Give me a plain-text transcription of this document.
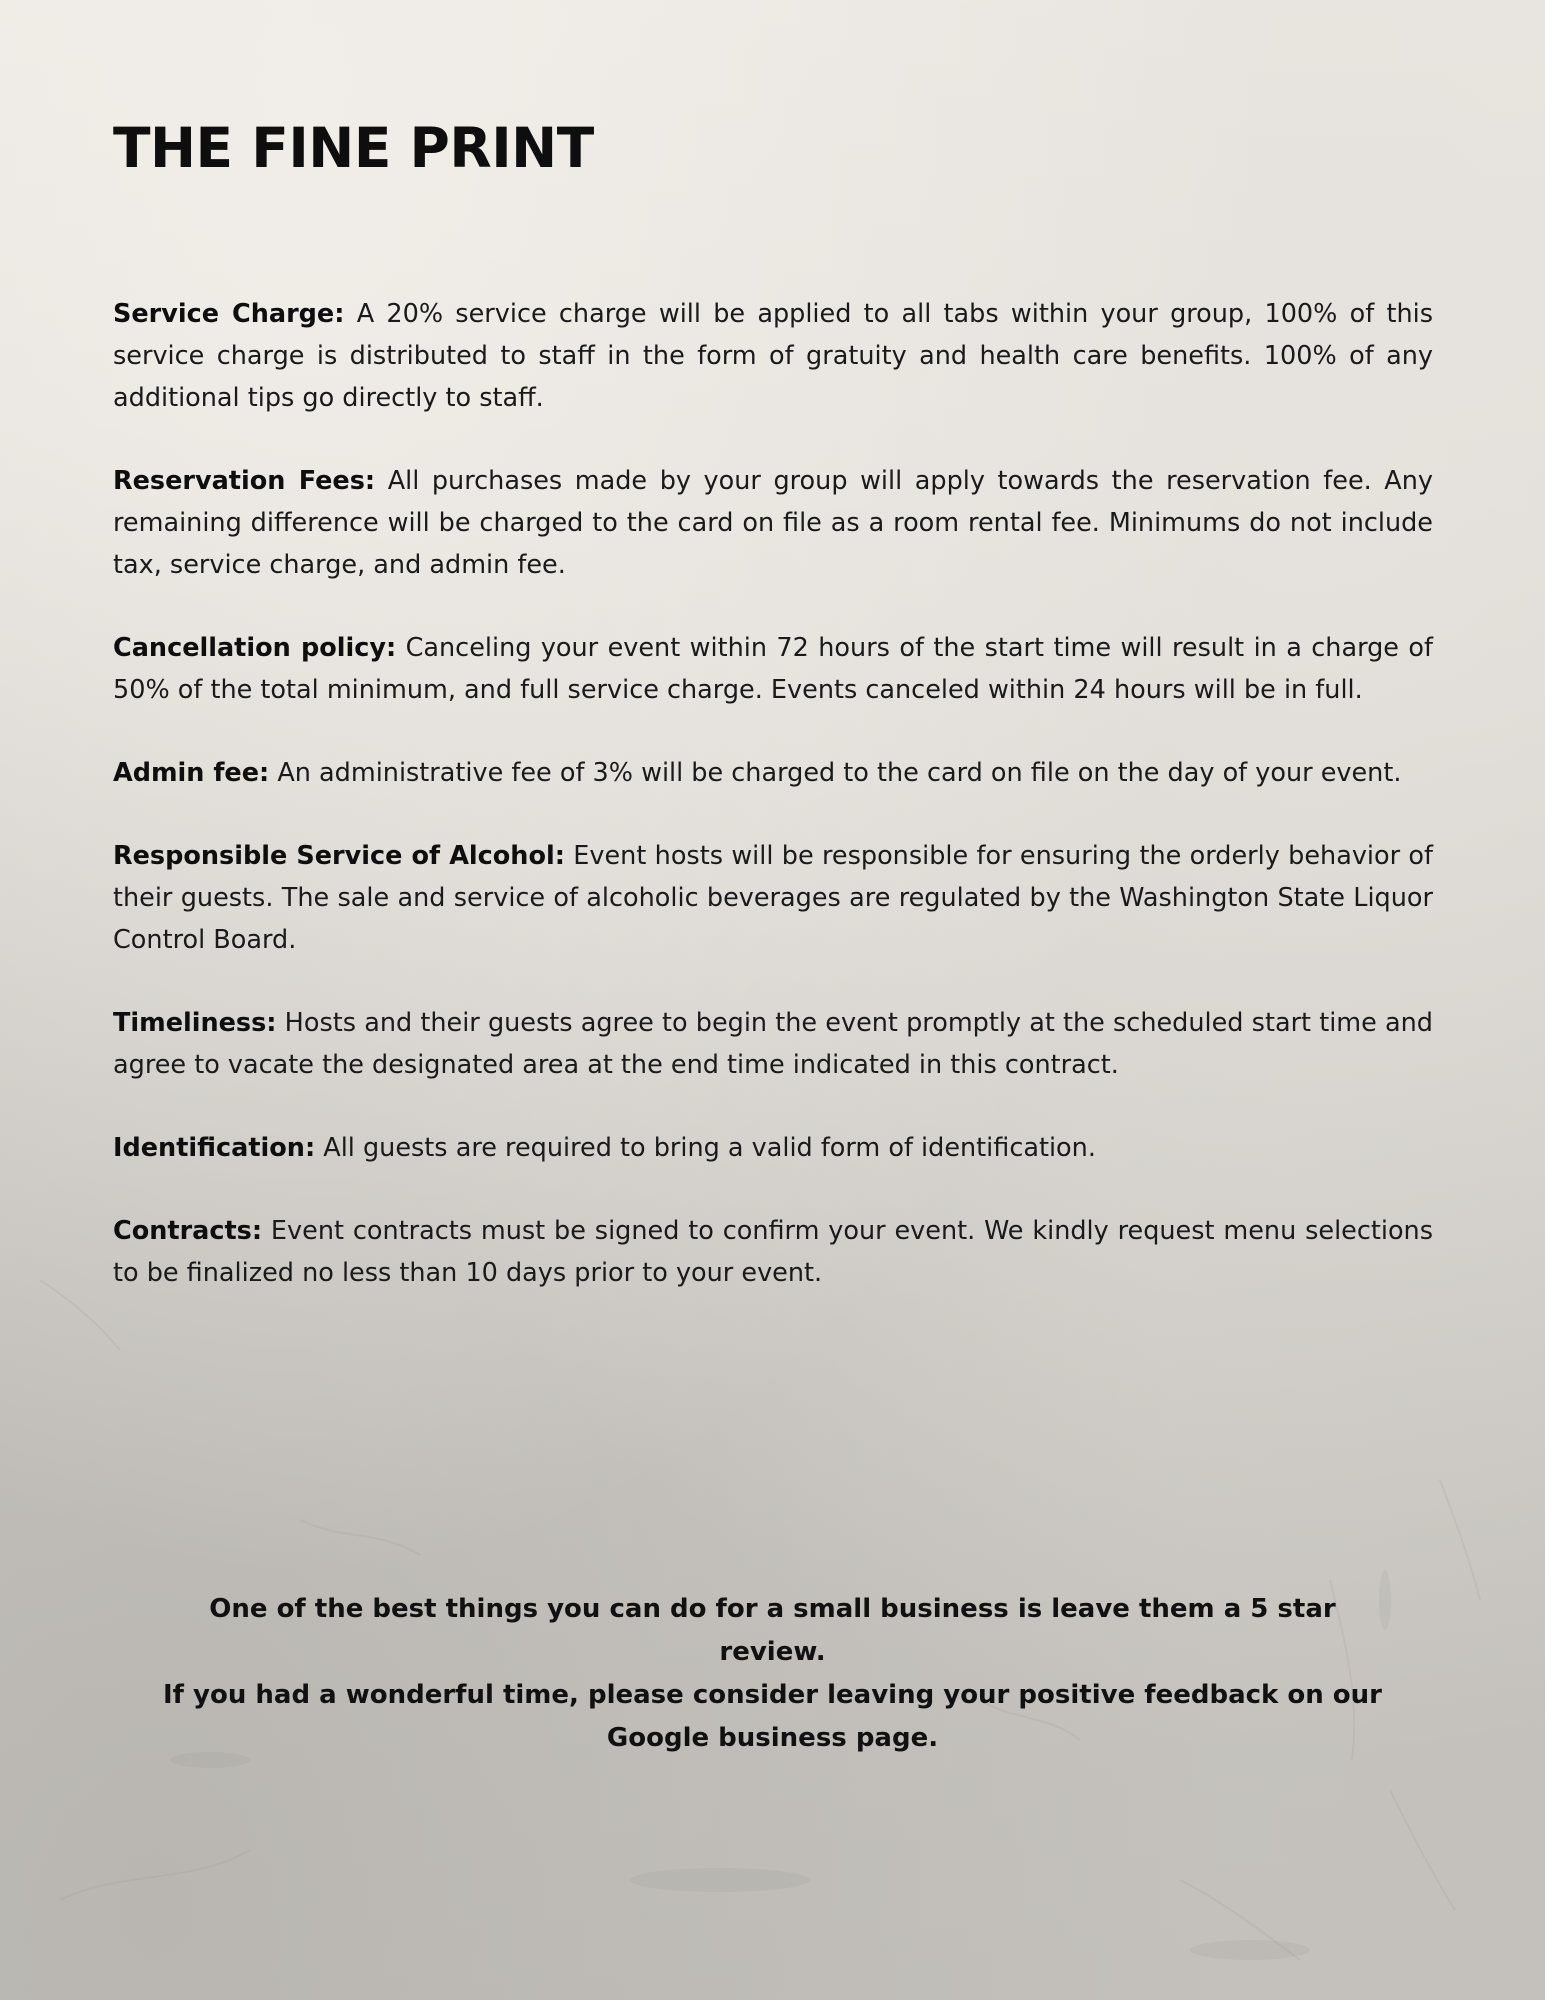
THE FINE PRINT

Service Charge: A 20% service charge will be applied to all tabs within your group, 100% of this service charge is distributed to staff in the form of gratuity and health care benefits. 100% of any additional tips go directly to staff.

Reservation Fees: All purchases made by your group will apply towards the reservation fee. Any remaining difference will be charged to the card on file as a room rental fee. Minimums do not include tax, service charge, and admin fee.

Cancellation policy: Canceling your event within 72 hours of the start time will result in a charge of 50% of the total minimum, and full service charge. Events canceled within 24 hours will be in full.

Admin fee: An administrative fee of 3% will be charged to the card on file on the day of your event.

Responsible Service of Alcohol: Event hosts will be responsible for ensuring the orderly behavior of their guests. The sale and service of alcoholic beverages are regulated by the Washington State Liquor Control Board.

Timeliness: Hosts and their guests agree to begin the event promptly at the scheduled start time and agree to vacate the designated area at the end time indicated in this contract.

Identification: All guests are required to bring a valid form of identification.

Contracts: Event contracts must be signed to confirm your event. We kindly request menu selections to be finalized no less than 10 days prior to your event.

One of the best things you can do for a small business is leave them a 5 star review.
If you had a wonderful time, please consider leaving your positive feedback on our
Google business page.
